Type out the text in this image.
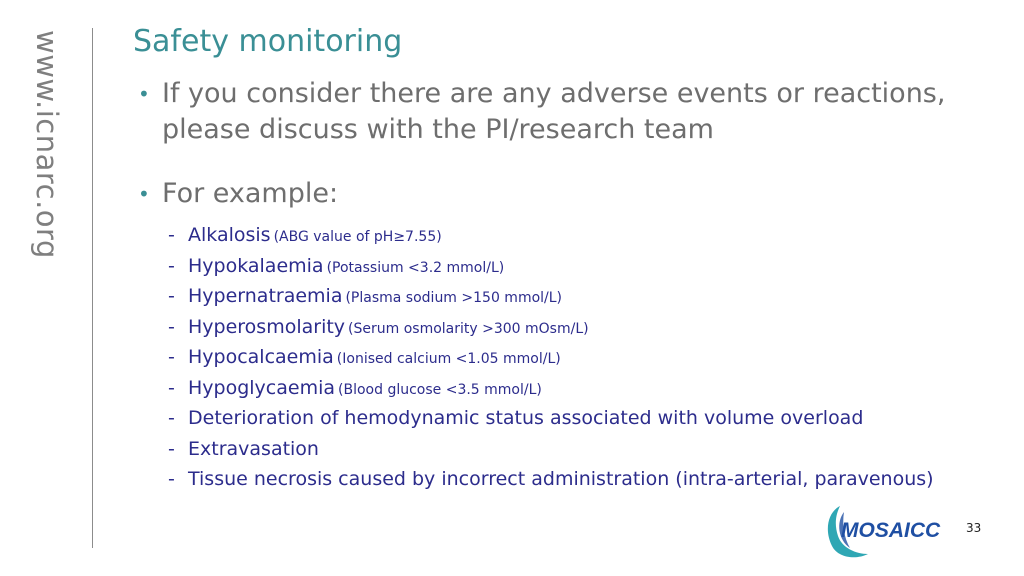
www.icnarc.org Safety monitoring
• If you consider there are any adverse events or reactions, please discuss with the PI/research team
• For example:
- Alkalosis (ABG value of pH≥7.55)
- Hypokalaemia (Potassium <3.2 mmol/L)
- Hypernatraemia (Plasma sodium >150 mmol/L)
- Hyperosmolarity (Serum osmolarity >300 mOsm/L)
- Hypocalcaemia (Ionised calcium <1.05 mmol/L)
- Hypoglycaemia (Blood glucose <3.5 mmol/L)
- Deterioration of hemodynamic status associated with volume overload
- Extravasation
- Tissue necrosis caused by incorrect administration (intra-arterial, paravenous)
MOSAICC 33
